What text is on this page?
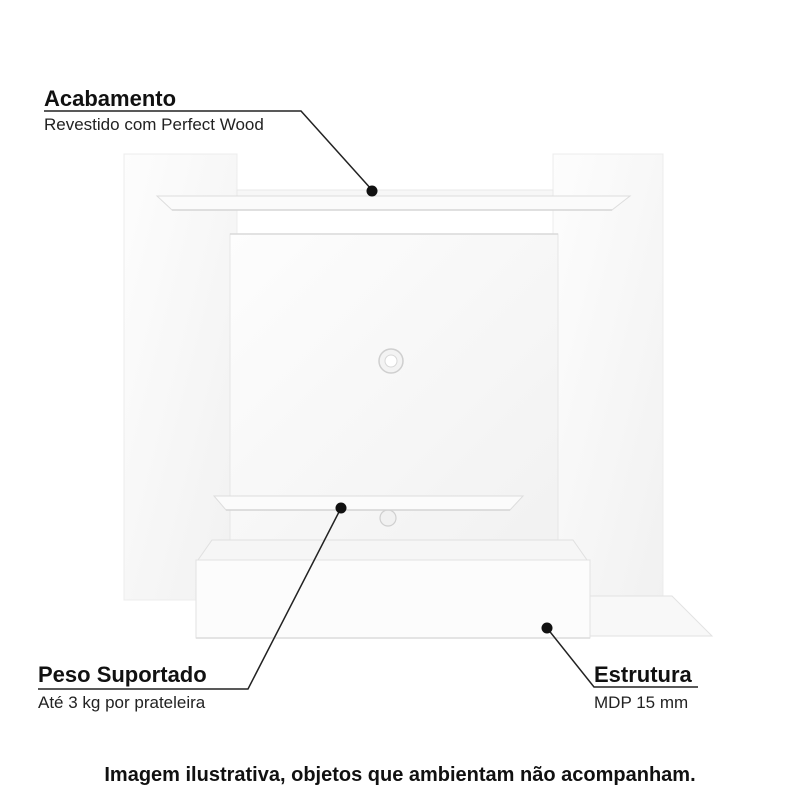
Acabamento
Revestido com Perfect Wood
Peso Suportado
Até 3 kg por prateleira
Estrutura
MDP 15 mm
Imagem ilustrativa, objetos que ambientam não acompanham.
